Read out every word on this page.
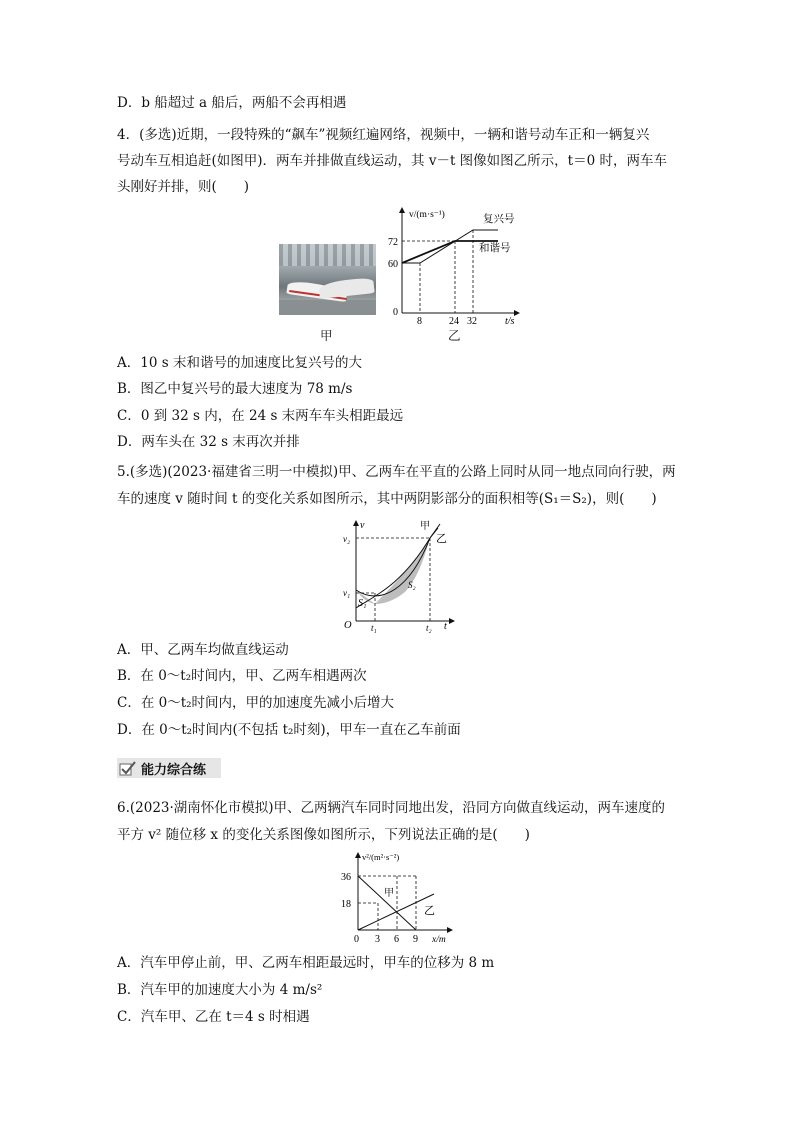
D．b 船超过 a 船后，两船不会再相遇
4．(多选)近期，一段特殊的“飙车”视频红遍网络，视频中，一辆和谐号动车正和一辆复兴
号动车互相追赶(如图甲)．两车并排做直线运动，其 v－t 图像如图乙所示，t＝0 时，两车车
头刚好并排，则(　　)
甲	乙
v/(m·s⁻¹)	复兴号
和谐号
72
60
0
8	24 32	t/s
A．10 s 末和谐号的加速度比复兴号的大
B．图乙中复兴号的最大速度为 78 m/s
C．0 到 32 s 内，在 24 s 末两车车头相距最远
D．两车头在 32 s 末再次并排
5.(多选)(2023·福建省三明一中模拟)甲、乙两车在平直的公路上同时从同一地点同向行驶，两
车的速度 v 随时间 t 的变化关系如图所示，其中两阴影部分的面积相等(S₁＝S₂)，则(　　)
v	甲
乙
v₂
v₁
S₁
S₂
O t₁	t₂ t
A．甲、乙两车均做直线运动
B．在 0～t₂时间内，甲、乙两车相遇两次
C．在 0～t₂时间内，甲的加速度先减小后增大
D．在 0～t₂时间内(不包括 t₂时刻)，甲车一直在乙车前面
能力综合练
6.(2023·湖南怀化市模拟)甲、乙两辆汽车同时同地出发，沿同方向做直线运动，两车速度的
平方 v² 随位移 x 的变化关系图像如图所示，下列说法正确的是(　　)
v²/(m²·s⁻²)
36
18
甲
乙
0 3 6 9 x/m
A．汽车甲停止前，甲、乙两车相距最远时，甲车的位移为 8 m
B．汽车甲的加速度大小为 4 m/s²
C．汽车甲、乙在 t＝4 s 时相遇
